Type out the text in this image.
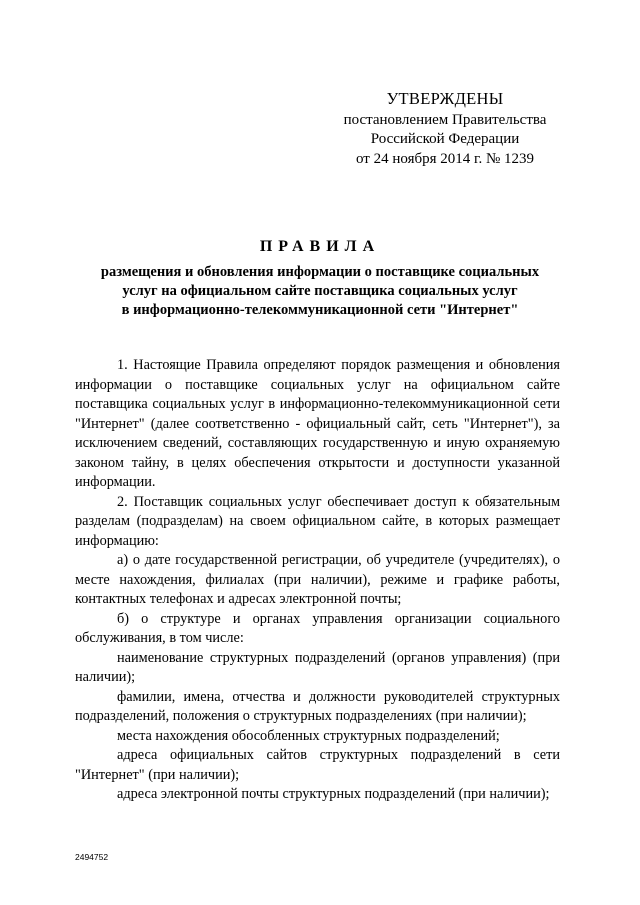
УТВЕРЖДЕНЫ
постановлением Правительства
Российской Федерации
от 24 ноября 2014 г. № 1239
ПРАВИЛА
размещения и обновления информации о поставщике социальных
услуг на официальном сайте поставщика социальных услуг
в информационно-телекоммуникационной сети "Интернет"

1. Настоящие Правила определяют порядок размещения и обновления информации о поставщике социальных услуг на официальном сайте поставщика социальных услуг в информационно-телекоммуникационной сети "Интернет" (далее соответственно - официальный сайт, сеть "Интернет"), за исключением сведений, составляющих государственную и иную охраняемую законом тайну, в целях обеспечения открытости и доступности указанной информации.

2. Поставщик социальных услуг обеспечивает доступ к обязательным разделам (подразделам) на своем официальном сайте, в которых размещает информацию:

а) о дате государственной регистрации, об учредителе (учредителях), о месте нахождения, филиалах (при наличии), режиме и графике работы, контактных телефонах и адресах электронной почты;

б) о структуре и органах управления организации социального обслуживания, в том числе:

наименование структурных подразделений (органов управления) (при наличии);

фамилии, имена, отчества и должности руководителей структурных подразделений, положения о структурных подразделениях (при наличии);

места нахождения обособленных структурных подразделений;

адреса официальных сайтов структурных подразделений в сети "Интернет" (при наличии);

адреса электронной почты структурных подразделений (при наличии);

2494752
